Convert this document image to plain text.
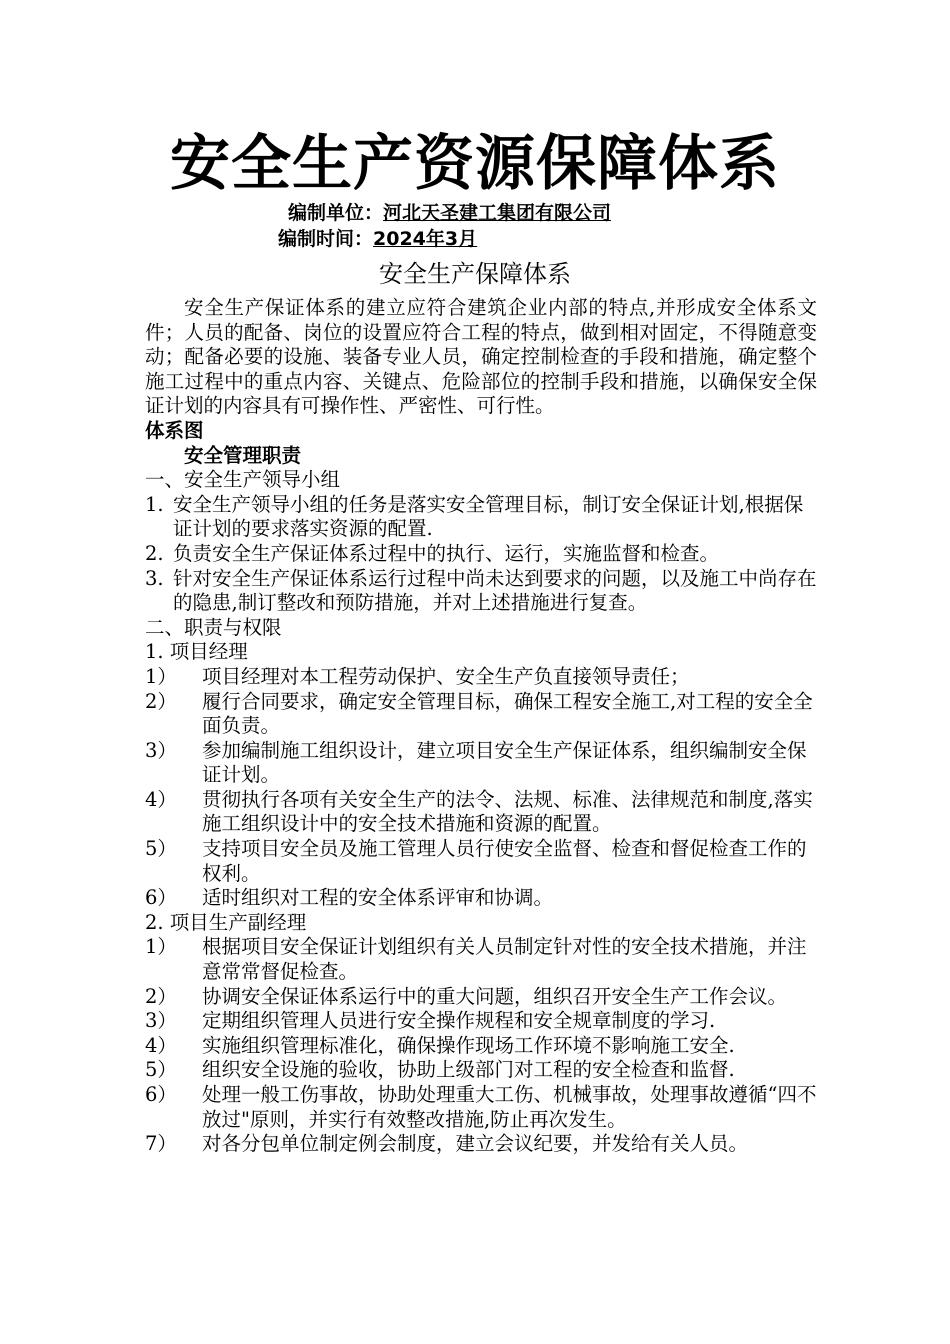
安全生产资源保障体系
编制单位：河北天圣建工集团有限公司
编制时间：2024年3月
安全生产保障体系

安全生产保证体系的建立应符合建筑企业内部的特点,并形成安全体系文件；人员的配备、岗位的设置应符合工程的特点，做到相对固定，不得随意变动；配备必要的设施、装备专业人员，确定控制检查的手段和措施，确定整个施工过程中的重点内容、关键点、危险部位的控制手段和措施，以确保安全保证计划的内容具有可操作性、严密性、可行性。

体系图

安全管理职责

一、安全生产领导小组

1. 安全生产领导小组的任务是落实安全管理目标，制订安全保证计划,根据保证计划的要求落实资源的配置.
2. 负责安全生产保证体系过程中的执行、运行，实施监督和检查。
3. 针对安全生产保证体系运行过程中尚未达到要求的问题，以及施工中尚存在的隐患,制订整改和预防措施，并对上述措施进行复查。

二、职责与权限

1. 项目经理

1）	项目经理对本工程劳动保护、安全生产负直接领导责任；
2）	履行合同要求，确定安全管理目标，确保工程安全施工,对工程的安全全面负责。
3）	参加编制施工组织设计，建立项目安全生产保证体系，组织编制安全保证计划。
4）	贯彻执行各项有关安全生产的法令、法规、标准、法律规范和制度,落实施工组织设计中的安全技术措施和资源的配置。
5）	支持项目安全员及施工管理人员行使安全监督、检查和督促检查工作的权利。
6）	适时组织对工程的安全体系评审和协调。

2. 项目生产副经理

1）	根据项目安全保证计划组织有关人员制定针对性的安全技术措施，并注意常常督促检查。
2）	协调安全保证体系运行中的重大问题，组织召开安全生产工作会议。
3）	定期组织管理人员进行安全操作规程和安全规章制度的学习.
4）	实施组织管理标准化，确保操作现场工作环境不影响施工安全.
5）	组织安全设施的验收，协助上级部门对工程的安全检查和监督.
6）	处理一般工伤事故，协助处理重大工伤、机械事故，处理事故遵循“四不放过"原则，并实行有效整改措施,防止再次发生。
7）	对各分包单位制定例会制度，建立会议纪要，并发给有关人员。
